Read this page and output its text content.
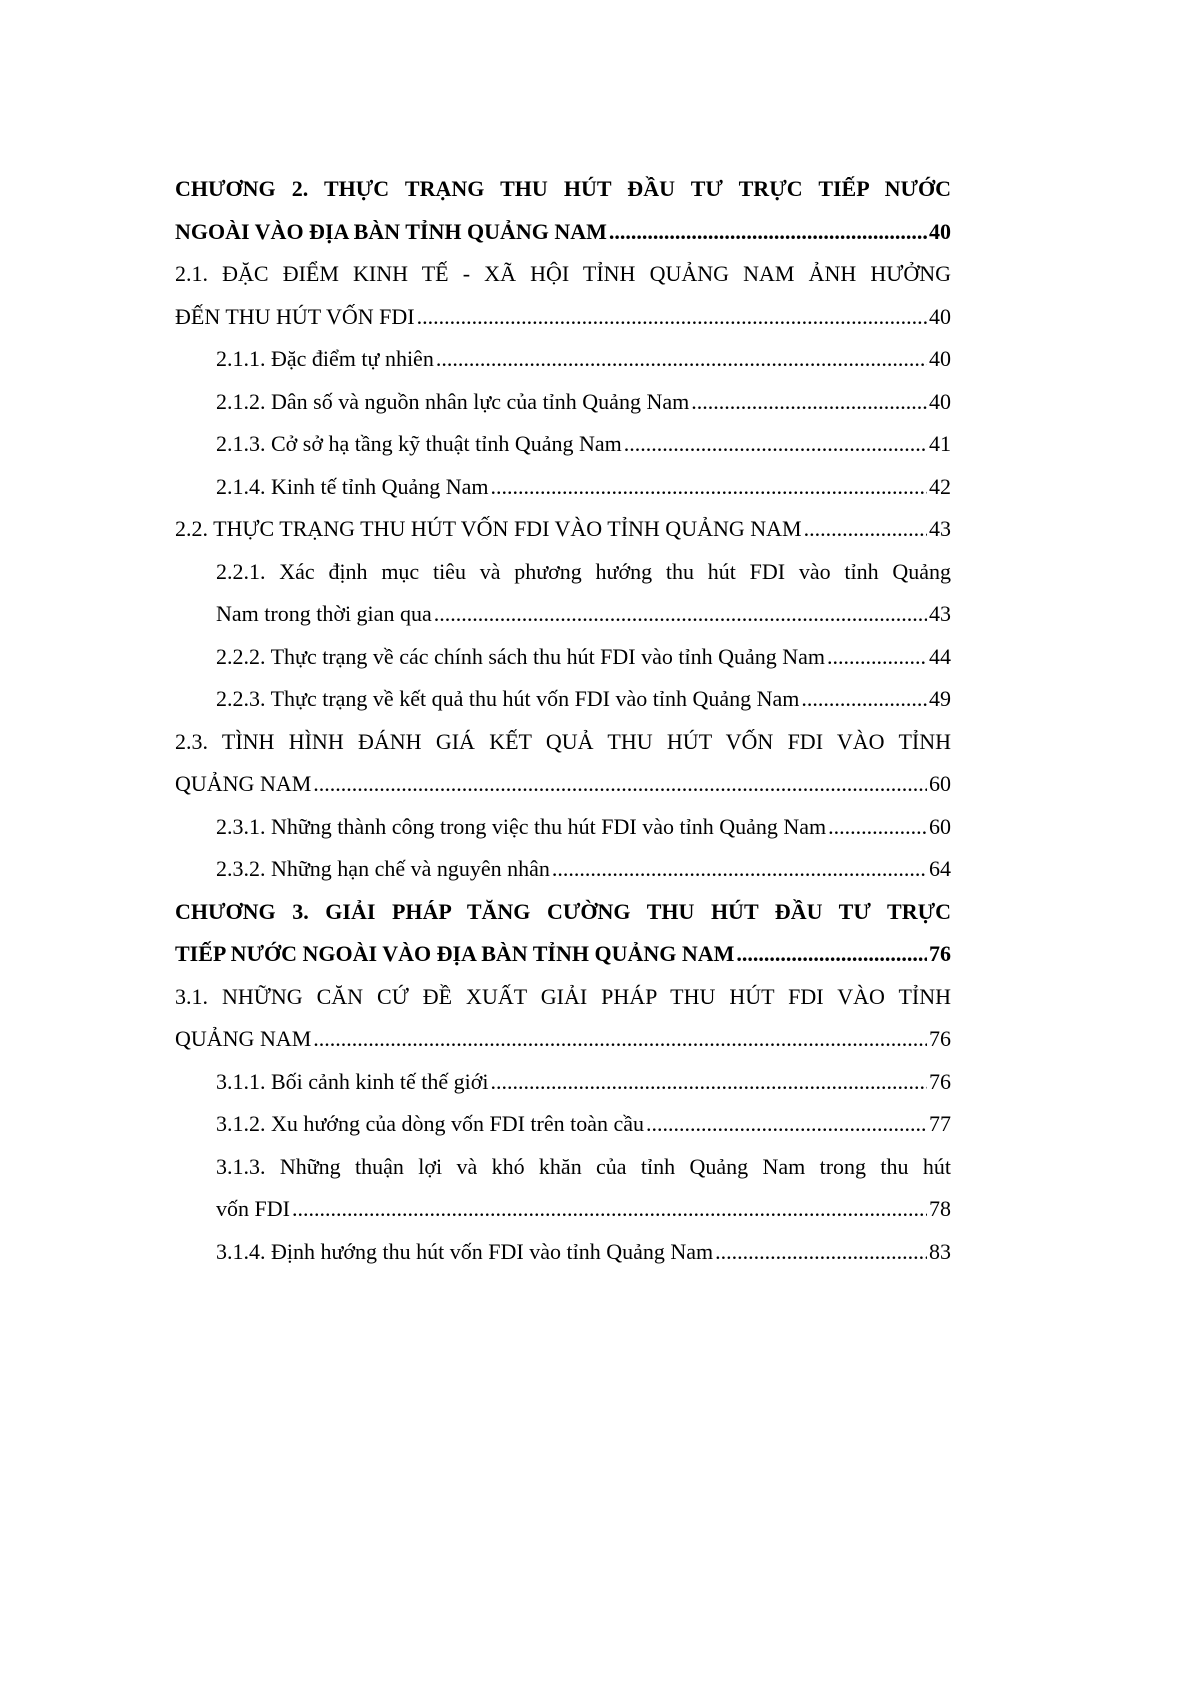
CHƯƠNG 2. THỰC TRẠNG THU HÚT ĐẦU TƯ TRỰC TIẾP NƯỚC
NGOÀI VÀO ĐỊA BÀN TỈNH QUẢNG NAM .....	40
2.1. ĐẶC ĐIỂM KINH TẾ - XÃ HỘI TỈNH QUẢNG NAM ẢNH HƯỞNG
ĐẾN THU HÚT VỐN FDI .....	40
2.1.1. Đặc điểm tự nhiên .....	40
2.1.2. Dân số và nguồn nhân lực của tỉnh Quảng Nam .....	40
2.1.3. Cở sở hạ tầng kỹ thuật tỉnh Quảng Nam .....	41
2.1.4. Kinh tế tỉnh Quảng Nam .....	42
2.2. THỰC TRẠNG THU HÚT VỐN FDI VÀO TỈNH QUẢNG NAM .....	43
2.2.1. Xác định mục tiêu và phương hướng thu hút FDI vào tỉnh Quảng
Nam trong thời gian qua .....	43
2.2.2. Thực trạng về các chính sách thu hút FDI vào tỉnh Quảng Nam .....	44
2.2.3. Thực trạng về kết quả thu hút vốn FDI vào tỉnh Quảng Nam .....	49
2.3. TÌNH HÌNH ĐÁNH GIÁ KẾT QUẢ THU HÚT VỐN FDI VÀO TỈNH
QUẢNG NAM .....	60
2.3.1. Những thành công trong việc thu hút FDI vào tỉnh Quảng Nam .....	60
2.3.2. Những hạn chế và nguyên nhân .....	64
CHƯƠNG 3. GIẢI PHÁP TĂNG CƯỜNG THU HÚT ĐẦU TƯ TRỰC
TIẾP NƯỚC NGOÀI VÀO ĐỊA BÀN TỈNH QUẢNG NAM .....	76
3.1. NHỮNG CĂN CỨ ĐỀ XUẤT GIẢI PHÁP THU HÚT FDI VÀO TỈNH
QUẢNG NAM .....	76
3.1.1. Bối cảnh kinh tế thế giới .....	76
3.1.2. Xu hướng của dòng vốn FDI trên toàn cầu .....	77
3.1.3. Những thuận lợi và khó khăn của tỉnh Quảng Nam trong thu hút
vốn FDI .....	78
3.1.4. Định hướng thu hút vốn FDI vào tỉnh Quảng Nam .....	83
